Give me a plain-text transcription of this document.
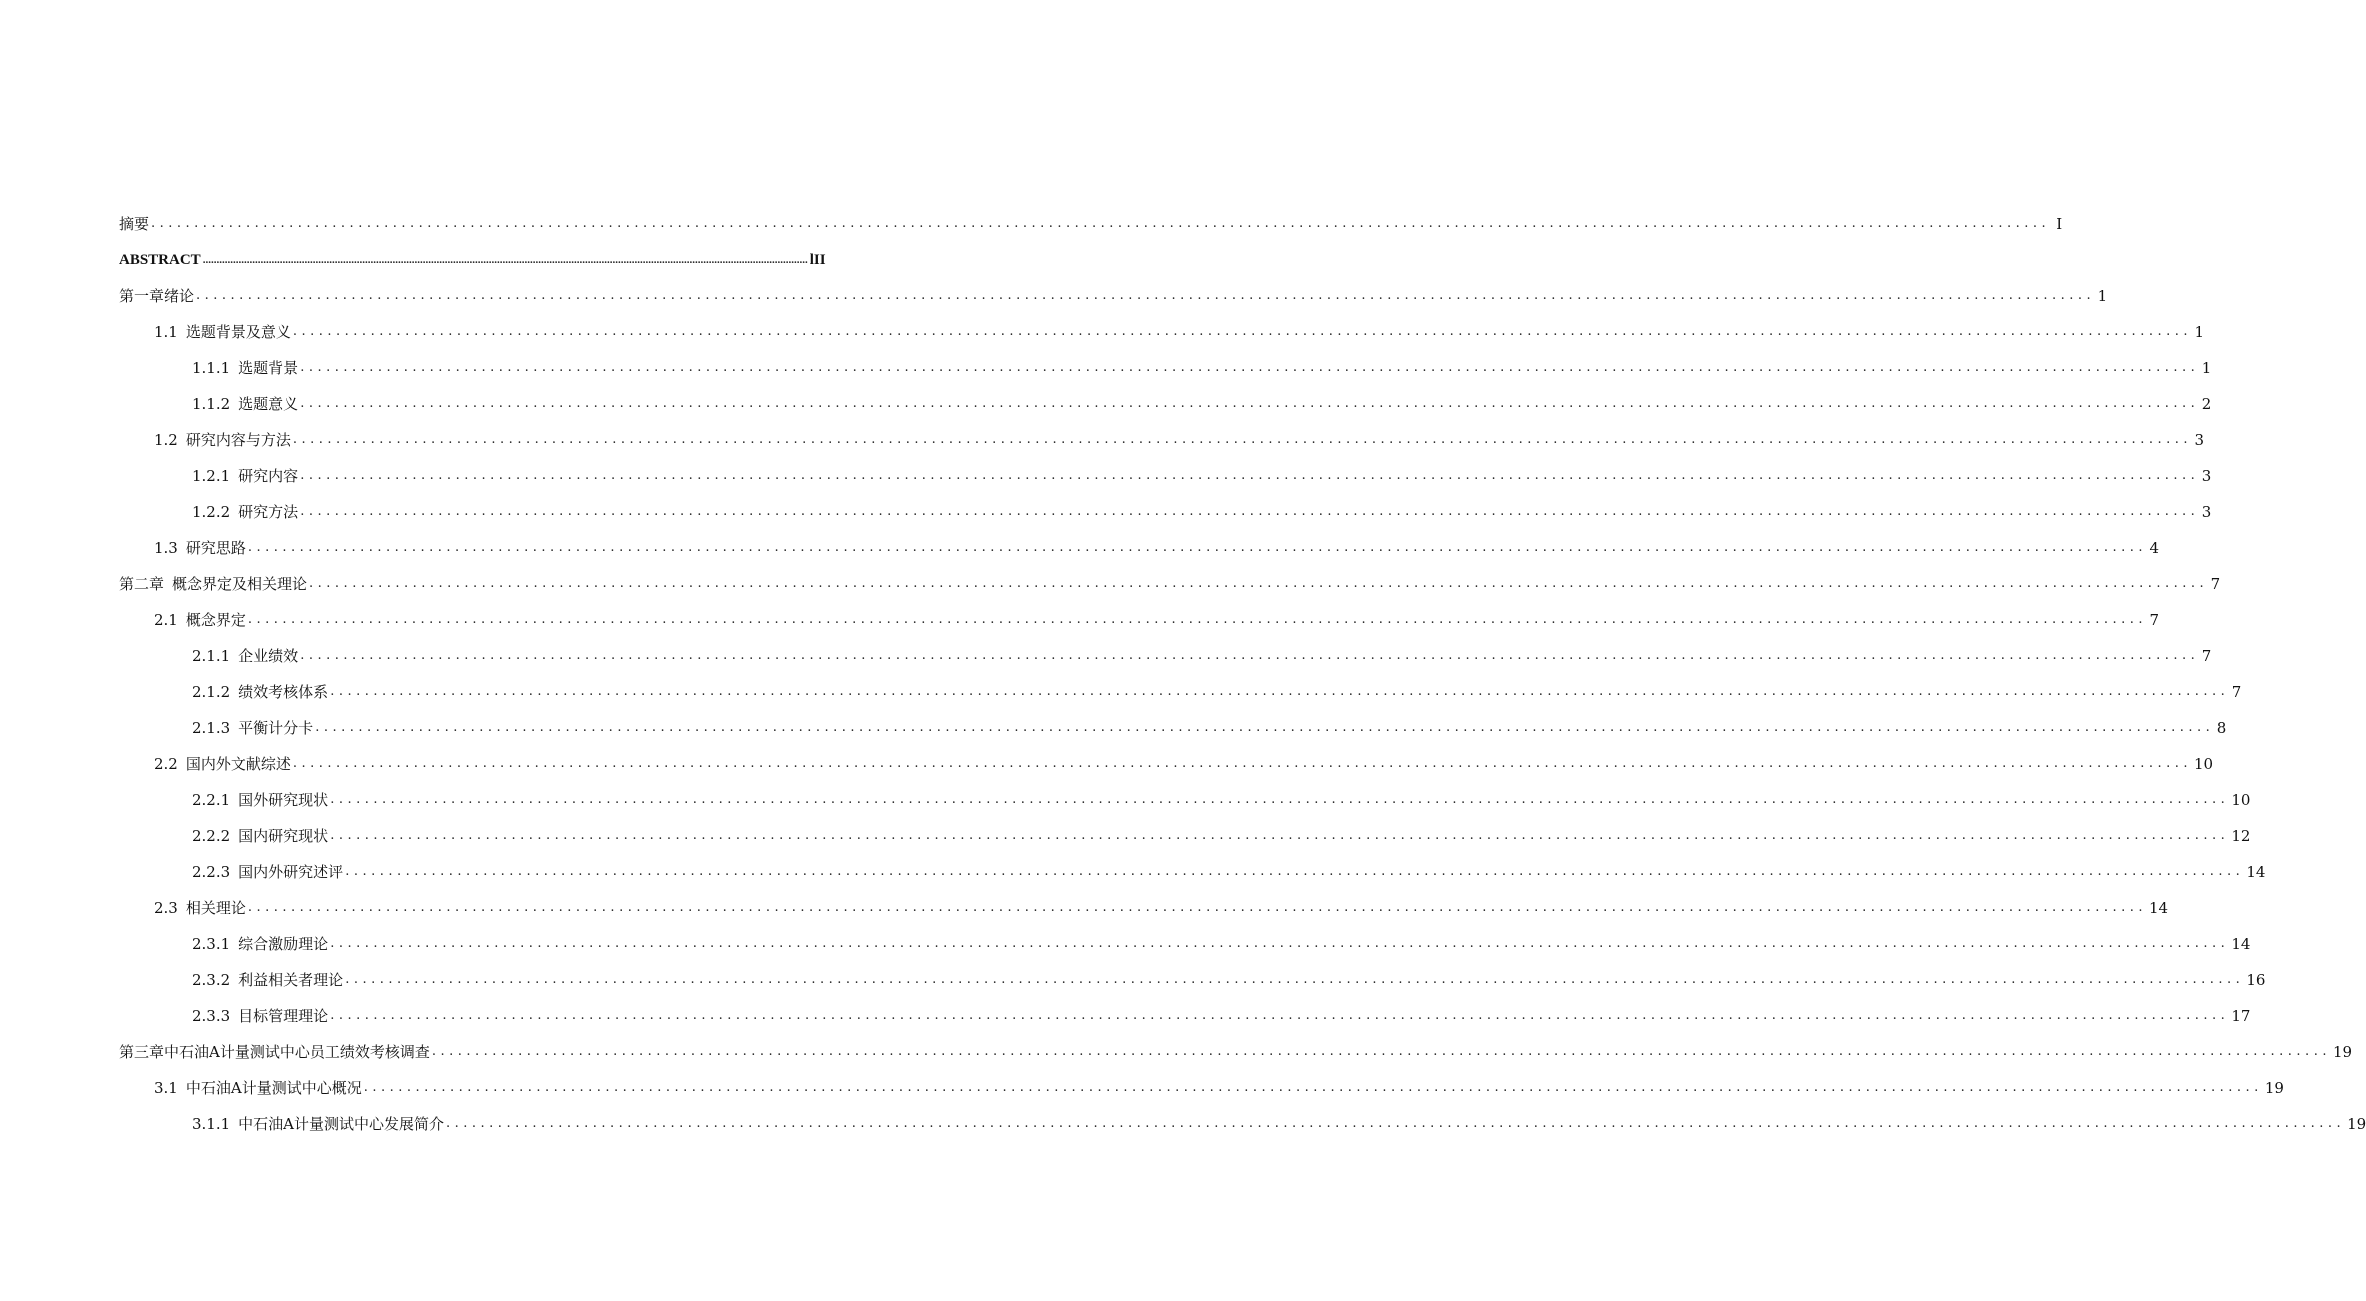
摘要 ............................................................................................................................................................................................................................ I
ABSTRACT ............................................................................................................................................................................................................................ lII
第一章绪论 ............................................................................................................................................................................................................................ 1
1.1 选题背景及意义 ............................................................................................................................................................................................................................ 1
1.1.1 选题背景 ............................................................................................................................................................................................................................ 1
1.1.2 选题意义 ............................................................................................................................................................................................................................ 2
1.2 研究内容与方法 ............................................................................................................................................................................................................................ 3
1.2.1 研究内容 ............................................................................................................................................................................................................................ 3
1.2.2 研究方法 ............................................................................................................................................................................................................................ 3
1.3 研究思路 ............................................................................................................................................................................................................................ 4
第二章 概念界定及相关理论 ............................................................................................................................................................................................................................ 7
2.1 概念界定 ............................................................................................................................................................................................................................ 7
2.1.1 企业绩效 ............................................................................................................................................................................................................................ 7
2.1.2 绩效考核体系 ............................................................................................................................................................................................................................ 7
2.1.3 平衡计分卡 ............................................................................................................................................................................................................................ 8
2.2 国内外文献综述 ............................................................................................................................................................................................................................ 10
2.2.1 国外研究现状 ............................................................................................................................................................................................................................ 10
2.2.2 国内研究现状 ............................................................................................................................................................................................................................ 12
2.2.3 国内外研究述评 ............................................................................................................................................................................................................................ 14
2.3 相关理论 ............................................................................................................................................................................................................................ 14
2.3.1 综合激励理论 ............................................................................................................................................................................................................................ 14
2.3.2 利益相关者理论 ............................................................................................................................................................................................................................ 16
2.3.3 目标管理理论 ............................................................................................................................................................................................................................ 17
第三章中石油A计量测试中心员工绩效考核调查 ............................................................................................................................................................................................................................ 19
3.1 中石油A计量测试中心概况 ............................................................................................................................................................................................................................ 19
3.1.1 中石油A计量测试中心发展简介 ............................................................................................................................................................................................................................ 19
